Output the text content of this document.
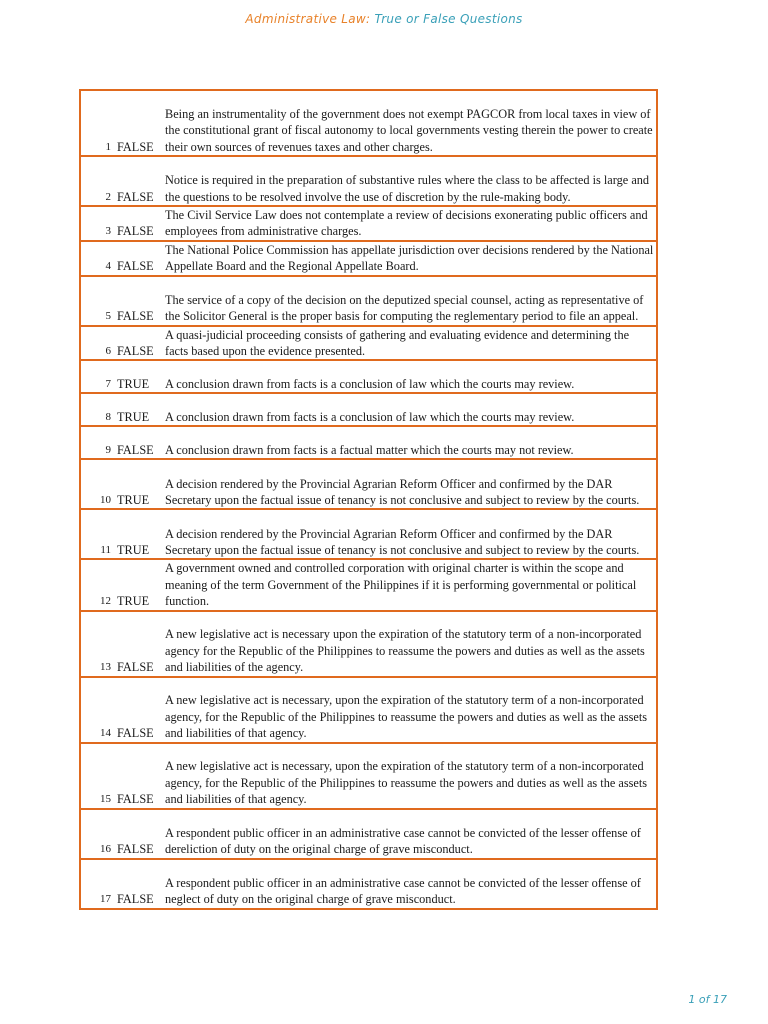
Administrative Law: True or False Questions
1	FALSE	Being an instrumentality of the government does not exempt PAGCOR from local taxes in view of the constitutional grant of fiscal autonomy to local governments vesting therein the power to create their own sources of revenues taxes and other charges.
2	FALSE	Notice is required in the preparation of substantive rules where the class to be affected is large and the questions to be resolved involve the use of discretion by the rule-making body.
3	FALSE	The Civil Service Law does not contemplate a review of decisions exonerating public officers and employees from administrative charges.
4	FALSE	The National Police Commission has appellate jurisdiction over decisions rendered by the National Appellate Board and the Regional Appellate Board.
5	FALSE	The service of a copy of the decision on the deputized special counsel, acting as representative of the Solicitor General is the proper basis for computing the reglementary period to file an appeal.
6	FALSE	A quasi-judicial proceeding consists of gathering and evaluating evidence and determining the facts based upon the evidence presented.
7	TRUE	A conclusion drawn from facts is a conclusion of law which the courts may review.
8	TRUE	A conclusion drawn from facts is a conclusion of law which the courts may review.
9	FALSE	A conclusion drawn from facts is a factual matter which the courts may not review.
10	TRUE	A decision rendered by the Provincial Agrarian Reform Officer and confirmed by the DAR Secretary upon the factual issue of tenancy is not conclusive and subject to review by the courts.
11	TRUE	A decision rendered by the Provincial Agrarian Reform Officer and confirmed by the DAR Secretary upon the factual issue of tenancy is not conclusive and subject to review by the courts.
12	TRUE	A government owned and controlled corporation with original charter is within the scope and meaning of the term Government of the Philippines if it is performing governmental or political function.
13	FALSE	A new legislative act is necessary upon the expiration of the statutory term of a non-incorporated agency for the Republic of the Philippines to reassume the powers and duties as well as the assets and liabilities of the agency.
14	FALSE	A new legislative act is necessary, upon the expiration of the statutory term of a non-incorporated agency, for the Republic of the Philippines to reassume the powers and duties as well as the assets and liabilities of that agency.
15	FALSE	A new legislative act is necessary, upon the expiration of the statutory term of a non-incorporated agency, for the Republic of the Philippines to reassume the powers and duties as well as the assets and liabilities of that agency.
16	FALSE	A respondent public officer in an administrative case cannot be convicted of the lesser offense of dereliction of duty on the original charge of grave misconduct.
17	FALSE	A respondent public officer in an administrative case cannot be convicted of the lesser offense of neglect of duty on the original charge of grave misconduct.
1 of 17
